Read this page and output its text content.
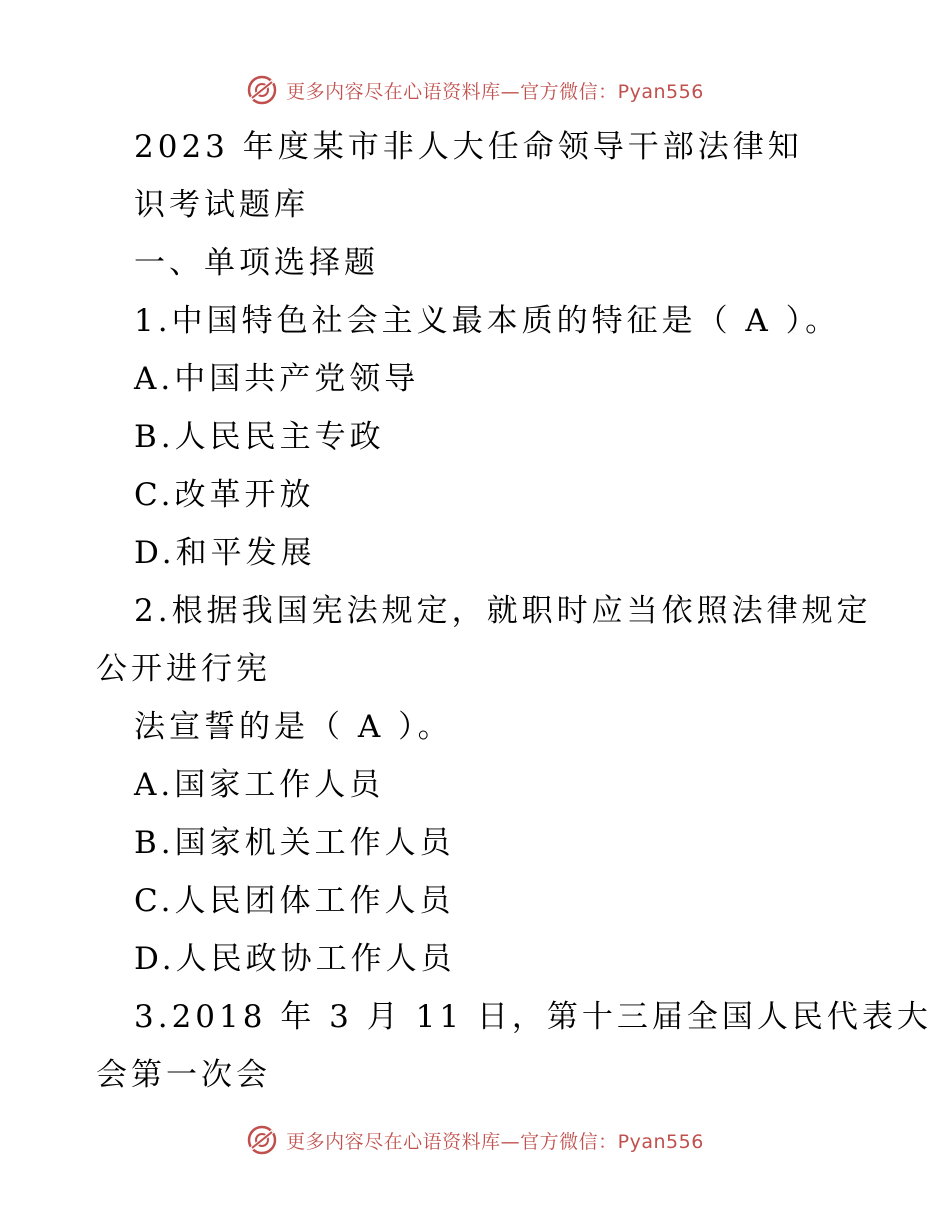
更多内容尽在心语资料库—官方微信：Pyan556
2023 年度某市非人大任命领导干部法律知
识考试题库
一、单项选择题
1.中国特色社会主义最本质的特征是（ A ）。
A.中国共产党领导
B.人民民主专政
C.改革开放
D.和平发展
2.根据我国宪法规定，就职时应当依照法律规定
公开进行宪
法宣誓的是（ A ）。
A.国家工作人员
B.国家机关工作人员
C.人民团体工作人员
D.人民政协工作人员
3.2018 年 3 月 11 日，第十三届全国人民代表大
会第一次会
更多内容尽在心语资料库—官方微信：Pyan556
